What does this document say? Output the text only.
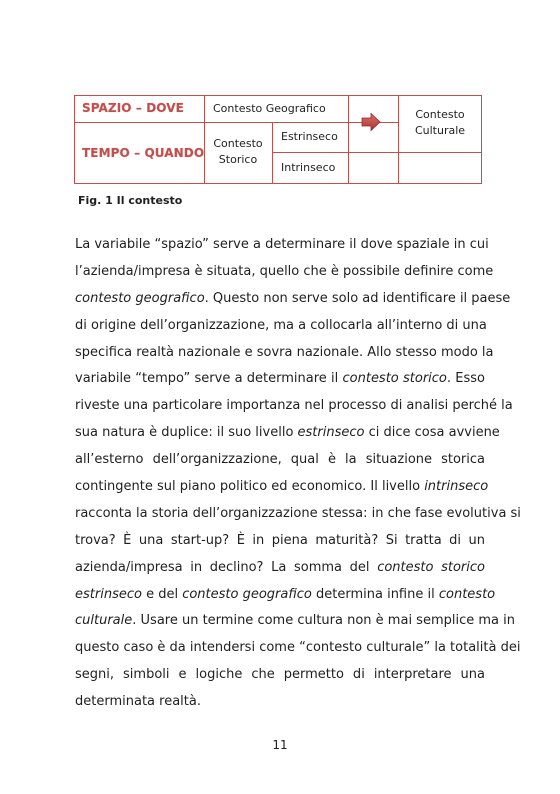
SPAZIO – DOVE
TEMPO – QUANDO
Contesto Geografico
Contesto
Storico
Estrinseco
Intrinseco
Contesto
Culturale
Fig. 1 Il contesto
La variabile “spazio” serve a determinare il dove spaziale in cui
l’azienda/impresa è situata, quello che è possibile definire come
contesto geografico. Questo non serve solo ad identificare il paese
di origine dell’organizzazione, ma a collocarla all’interno di una
specifica realtà nazionale e sovra nazionale. Allo stesso modo la
variabile “tempo” serve a determinare il contesto storico. Esso
riveste una particolare importanza nel processo di analisi perché la
sua natura è duplice: il suo livello estrinseco ci dice cosa avviene
all’esterno dell’organizzazione, qual è la situazione storica
contingente sul piano politico ed economico. Il livello intrinseco
racconta la storia dell’organizzazione stessa: in che fase evolutiva si
trova? È una start-up? È in piena maturità? Si tratta di un
azienda/impresa in declino? La somma del contesto storico
estrinseco e del contesto geografico determina infine il contesto
culturale. Usare un termine come cultura non è mai semplice ma in
questo caso è da intendersi come “contesto culturale” la totalità dei
segni, simboli e logiche che permetto di interpretare una
determinata realtà.
11
